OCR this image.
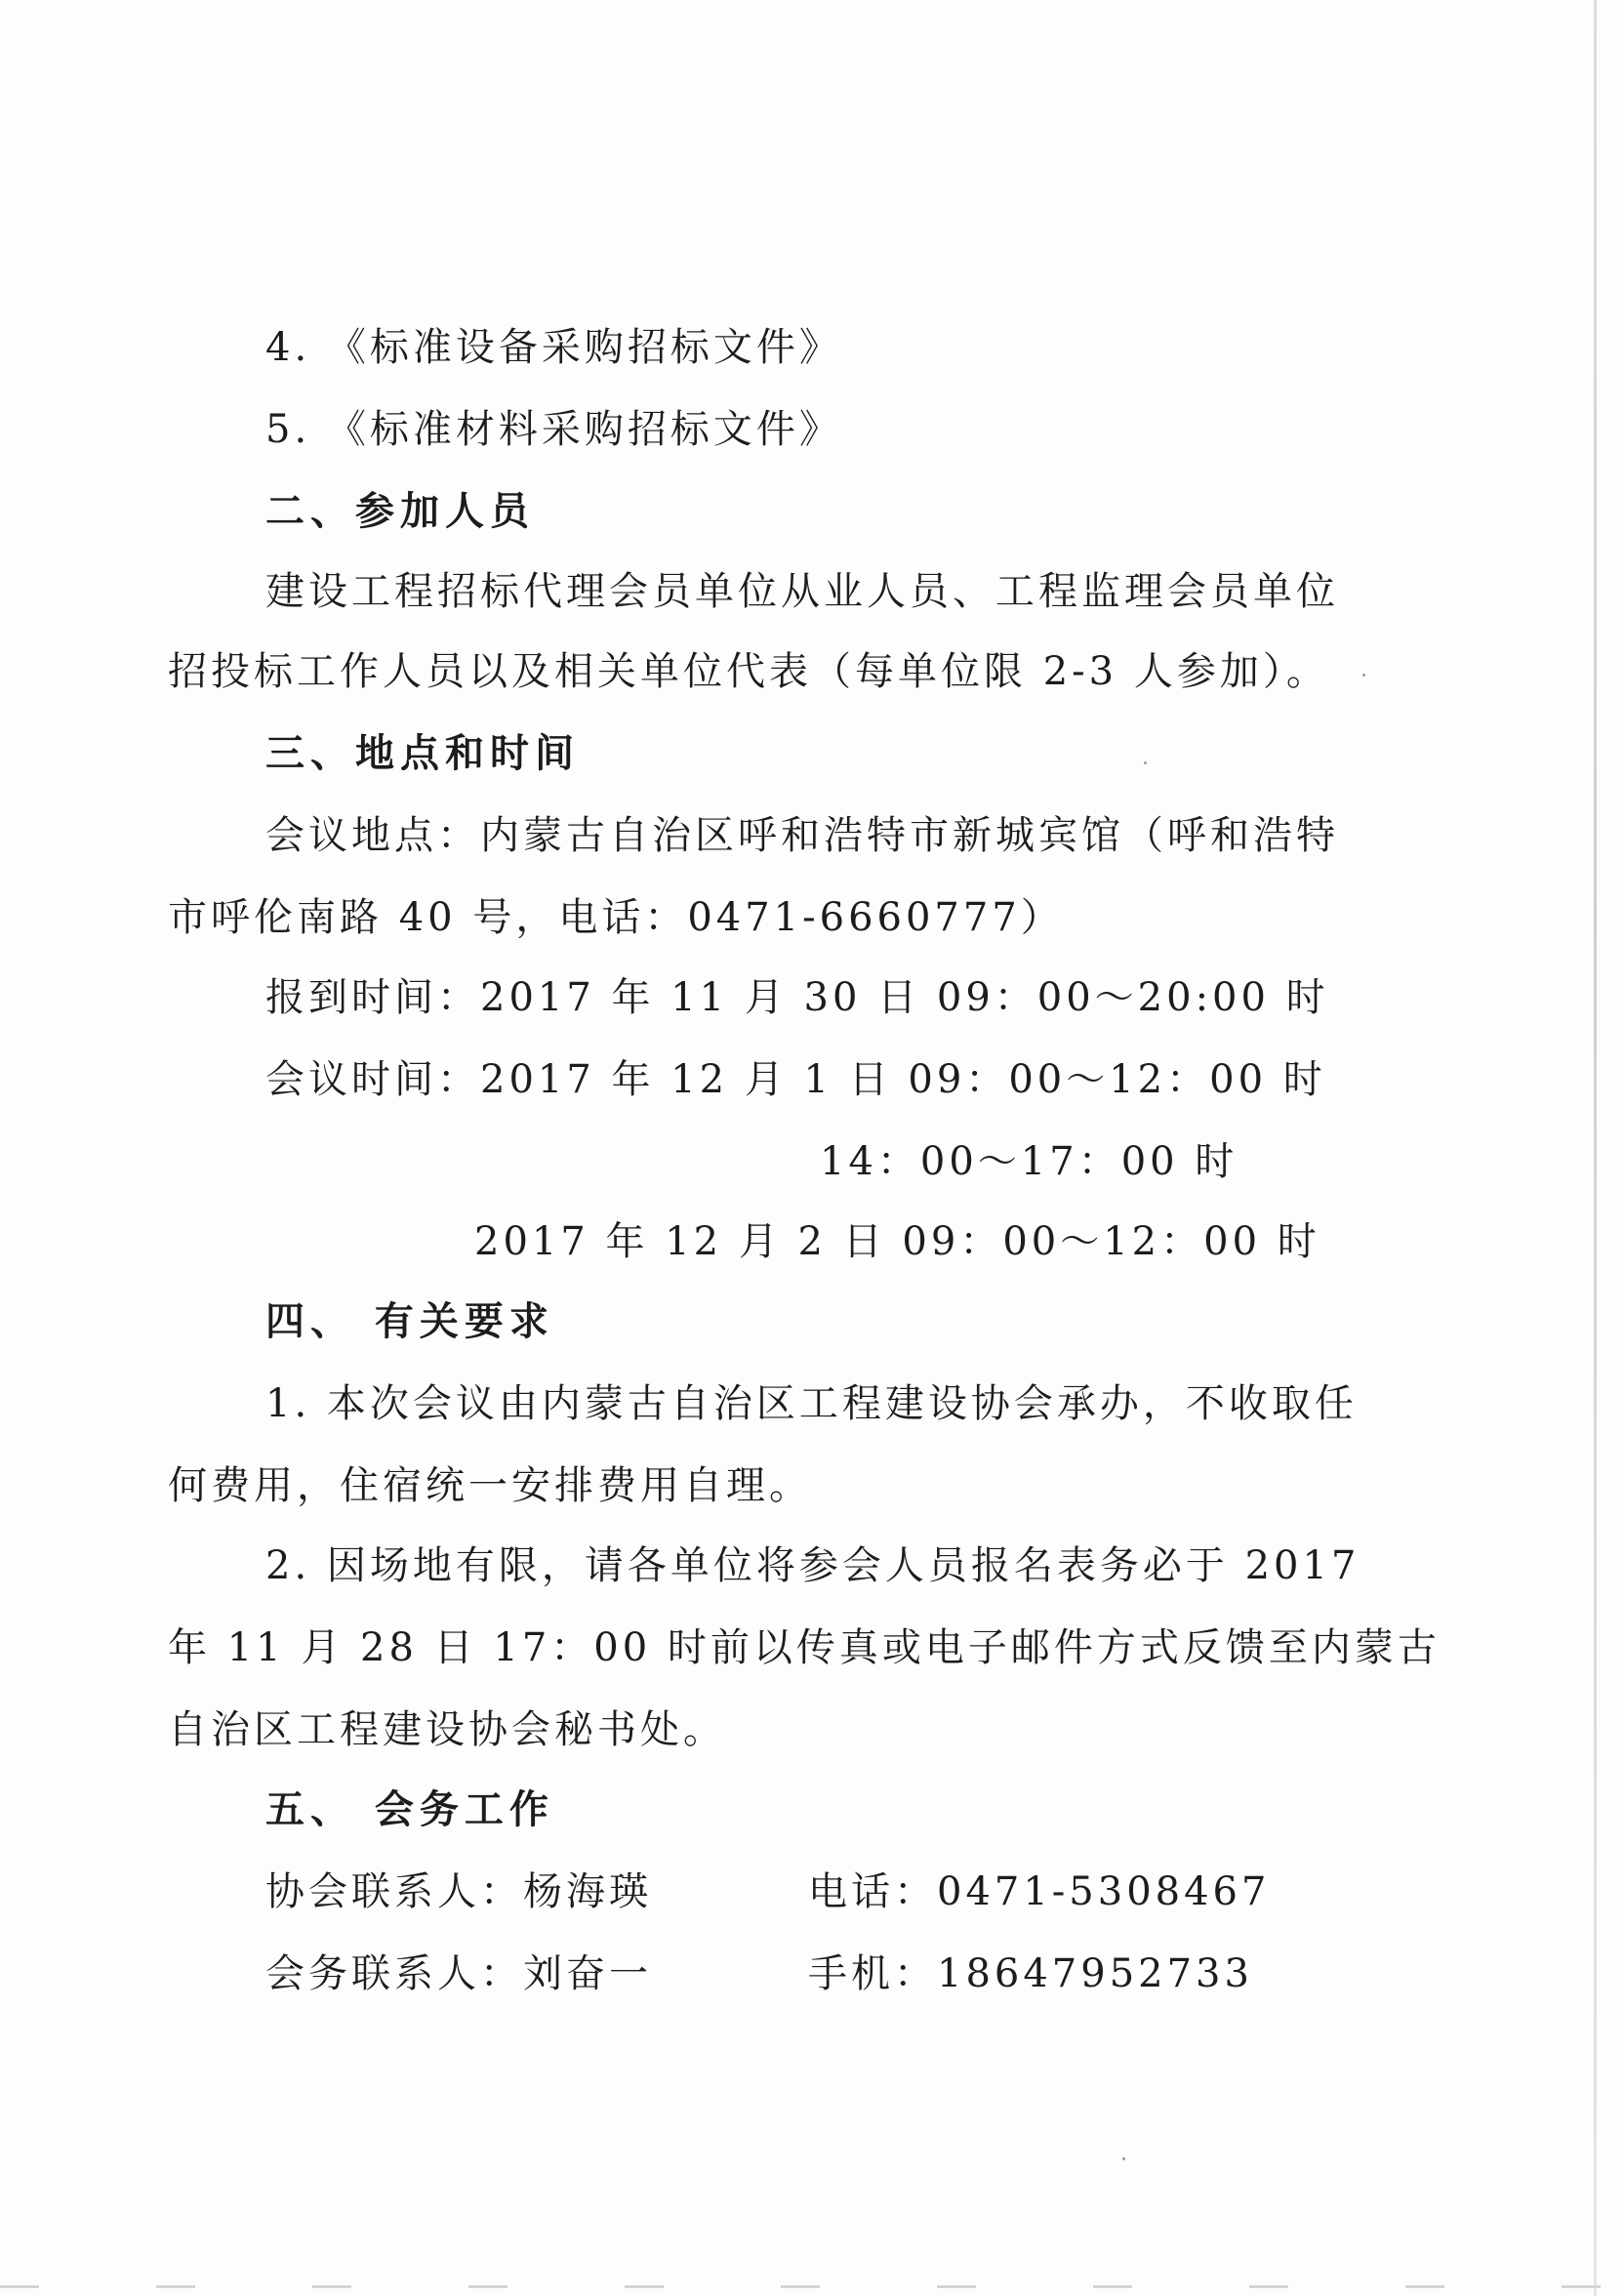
4. 《标准设备采购招标文件》
5. 《标准材料采购招标文件》
二、参加人员
建设工程招标代理会员单位从业人员、工程监理会员单位
招投标工作人员以及相关单位代表（每单位限 2-3 人参加）。
三、地点和时间
会议地点：内蒙古自治区呼和浩特市新城宾馆（呼和浩特
市呼伦南路 40 号，电话：0471-6660777）
报到时间：2017 年 11 月 30 日 09：00～20:00 时
会议时间：2017 年 12 月 1 日 09：00～12：00 时
14：00～17：00 时
2017 年 12 月 2 日 09：00～12：00 时
四、 有关要求
1. 本次会议由内蒙古自治区工程建设协会承办，不收取任
何费用，住宿统一安排费用自理。
2. 因场地有限，请各单位将参会人员报名表务必于 2017
年 11 月 28 日 17：00 时前以传真或电子邮件方式反馈至内蒙古
自治区工程建设协会秘书处。
五、 会务工作
协会联系人：杨海瑛	电话：0471-5308467
会务联系人：刘奋一	手机：18647952733
